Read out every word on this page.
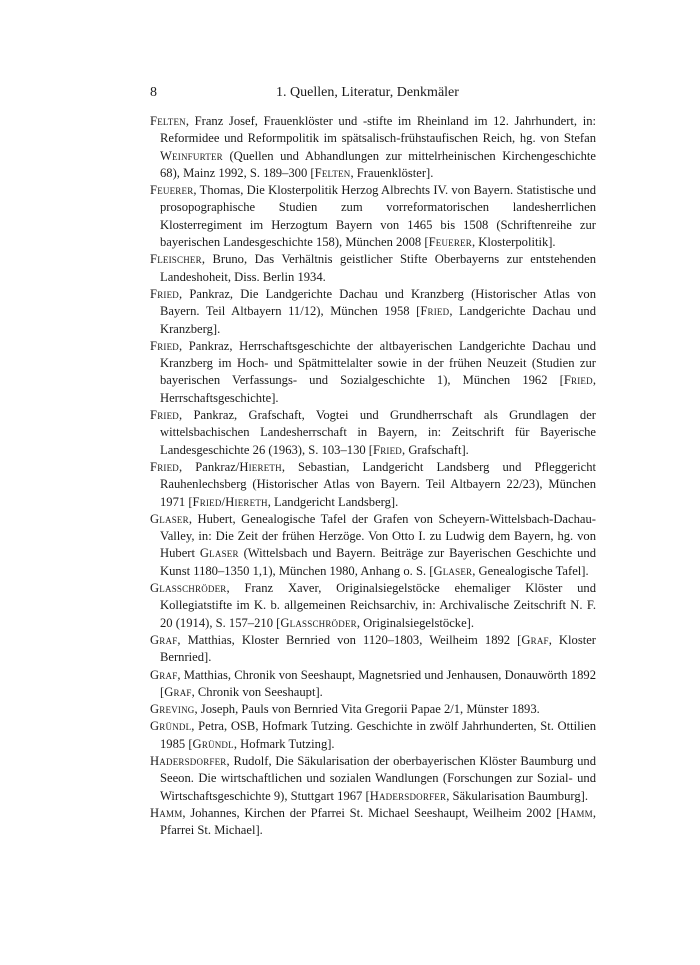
8	1. Quellen, Literatur, Denkmäler

Felten, Franz Josef, Frauenklöster und -stifte im Rheinland im 12. Jahrhundert, in: Reformidee und Reformpolitik im spätsalisch-frühstaufischen Reich, hg. von Stefan Weinfurter (Quellen und Abhandlungen zur mittelrheinischen Kirchengeschichte 68), Mainz 1992, S. 189–300 [Felten, Frauenklöster].

Feuerer, Thomas, Die Klosterpolitik Herzog Albrechts IV. von Bayern. Statistische und prosopographische Studien zum vorreformatorischen landesherrlichen Klosterregiment im Herzogtum Bayern von 1465 bis 1508 (Schriftenreihe zur bayerischen Landesgeschichte 158), München 2008 [Feuerer, Klosterpolitik].

Fleischer, Bruno, Das Verhältnis geistlicher Stifte Oberbayerns zur entstehenden Landeshoheit, Diss. Berlin 1934.

Fried, Pankraz, Die Landgerichte Dachau und Kranzberg (Historischer Atlas von Bayern. Teil Altbayern 11/12), München 1958 [Fried, Landgerichte Dachau und Kranzberg].

Fried, Pankraz, Herrschaftsgeschichte der altbayerischen Landgerichte Dachau und Kranzberg im Hoch- und Spätmittelalter sowie in der frühen Neuzeit (Studien zur bayerischen Verfassungs- und Sozialgeschichte 1), München 1962 [Fried, Herrschaftsgeschichte].

Fried, Pankraz, Grafschaft, Vogtei und Grundherrschaft als Grundlagen der wittelsbachischen Landesherrschaft in Bayern, in: Zeitschrift für Bayerische Landesgeschichte 26 (1963), S. 103–130 [Fried, Grafschaft].

Fried, Pankraz/Hiereth, Sebastian, Landgericht Landsberg und Pfleggericht Rauhenlechsberg (Historischer Atlas von Bayern. Teil Altbayern 22/23), München 1971 [Fried/Hiereth, Landgericht Landsberg].

Glaser, Hubert, Genealogische Tafel der Grafen von Scheyern-Wittelsbach-Dachau-Valley, in: Die Zeit der frühen Herzöge. Von Otto I. zu Ludwig dem Bayern, hg. von Hubert Glaser (Wittelsbach und Bayern. Beiträge zur Bayerischen Geschichte und Kunst 1180–1350 1,1), München 1980, Anhang o. S. [Glaser, Genealogische Tafel].

Glasschröder, Franz Xaver, Originalsiegelstöcke ehemaliger Klöster und Kollegiatstifte im K. b. allgemeinen Reichsarchiv, in: Archivalische Zeitschrift N. F. 20 (1914), S. 157–210 [Glasschröder, Originalsiegelstöcke].

Graf, Matthias, Kloster Bernried von 1120–1803, Weilheim 1892 [Graf, Kloster Bernried].

Graf, Matthias, Chronik von Seeshaupt, Magnetsried und Jenhausen, Donauwörth 1892 [Graf, Chronik von Seeshaupt].

Greving, Joseph, Pauls von Bernried Vita Gregorii Papae 2/1, Münster 1893.

Gründl, Petra, OSB, Hofmark Tutzing. Geschichte in zwölf Jahrhunderten, St. Ottilien 1985 [Gründl, Hofmark Tutzing].

Hadersdorfer, Rudolf, Die Säkularisation der oberbayerischen Klöster Baumburg und Seeon. Die wirtschaftlichen und sozialen Wandlungen (Forschungen zur Sozial- und Wirtschaftsgeschichte 9), Stuttgart 1967 [Hadersdorfer, Säkularisation Baumburg].

Hamm, Johannes, Kirchen der Pfarrei St. Michael Seeshaupt, Weilheim 2002 [Hamm, Pfarrei St. Michael].
